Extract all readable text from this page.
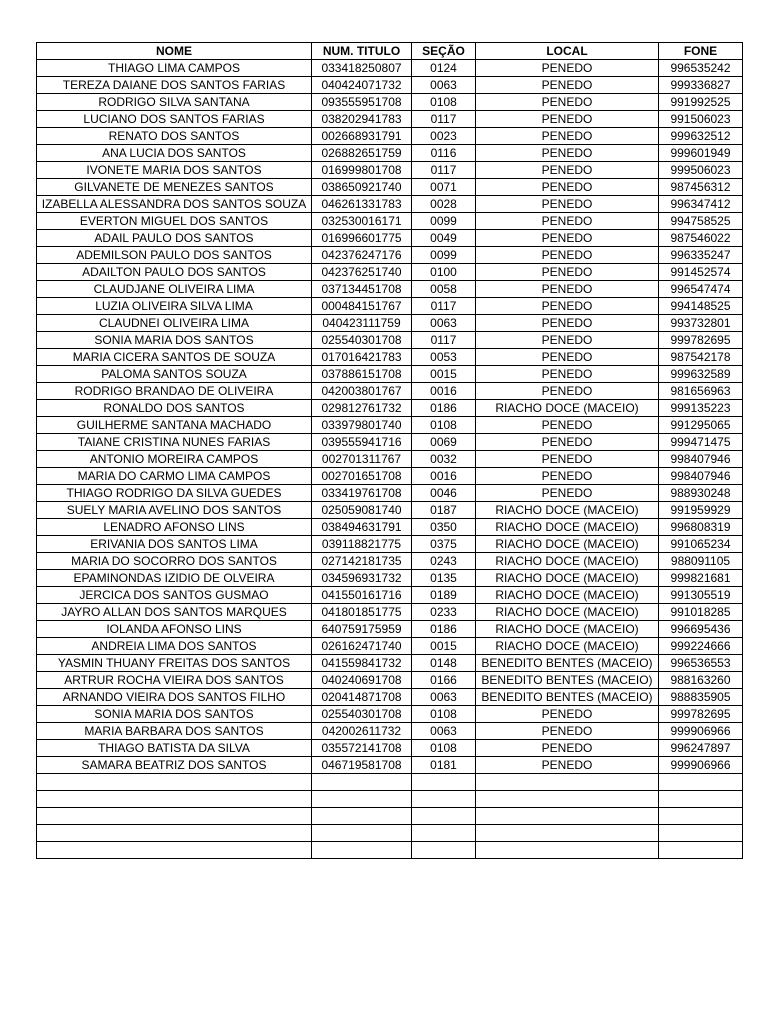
NOME	NUM. TITULO	SEÇÃO	LOCAL	FONE
THIAGO LIMA CAMPOS	033418250807	0124	PENEDO	996535242
TEREZA DAIANE DOS SANTOS FARIAS	040424071732	0063	PENEDO	999336827
RODRIGO SILVA SANTANA	093555951708	0108	PENEDO	991992525
LUCIANO DOS SANTOS FARIAS	038202941783	0117	PENEDO	991506023
RENATO DOS SANTOS	002668931791	0023	PENEDO	999632512
ANA LUCIA DOS SANTOS	026882651759	0116	PENEDO	999601949
IVONETE MARIA DOS SANTOS	016999801708	0117	PENEDO	999506023
GILVANETE DE MENEZES SANTOS	038650921740	0071	PENEDO	987456312
IZABELLA ALESSANDRA DOS SANTOS SOUZA	046261331783	0028	PENEDO	996347412
EVERTON MIGUEL DOS SANTOS	032530016171	0099	PENEDO	994758525
ADAIL PAULO DOS SANTOS	016996601775	0049	PENEDO	987546022
ADEMILSON PAULO DOS SANTOS	042376247176	0099	PENEDO	996335247
ADAILTON PAULO DOS SANTOS	042376251740	0100	PENEDO	991452574
CLAUDJANE OLIVEIRA LIMA	037134451708	0058	PENEDO	996547474
LUZIA OLIVEIRA SILVA LIMA	000484151767	0117	PENEDO	994148525
CLAUDNEI OLIVEIRA LIMA	040423111759	0063	PENEDO	993732801
SONIA MARIA DOS SANTOS	025540301708	0117	PENEDO	999782695
MARIA CICERA SANTOS DE SOUZA	017016421783	0053	PENEDO	987542178
PALOMA SANTOS SOUZA	037886151708	0015	PENEDO	999632589
RODRIGO BRANDAO DE OLIVEIRA	042003801767	0016	PENEDO	981656963
RONALDO DOS SANTOS	029812761732	0186	RIACHO DOCE (MACEIO)	999135223
GUILHERME SANTANA MACHADO	033979801740	0108	PENEDO	991295065
TAIANE CRISTINA NUNES FARIAS	039555941716	0069	PENEDO	999471475
ANTONIO MOREIRA CAMPOS	002701311767	0032	PENEDO	998407946
MARIA DO CARMO LIMA CAMPOS	002701651708	0016	PENEDO	998407946
THIAGO RODRIGO DA SILVA GUEDES	033419761708	0046	PENEDO	988930248
SUELY MARIA AVELINO DOS SANTOS	025059081740	0187	RIACHO DOCE (MACEIO)	991959929
LENADRO AFONSO LINS	038494631791	0350	RIACHO DOCE (MACEIO)	996808319
ERIVANIA DOS SANTOS LIMA	039118821775	0375	RIACHO DOCE (MACEIO)	991065234
MARIA DO SOCORRO DOS SANTOS	027142181735	0243	RIACHO DOCE (MACEIO)	988091105
EPAMINONDAS IZIDIO DE OLVEIRA	034596931732	0135	RIACHO DOCE (MACEIO)	999821681
JERCICA DOS SANTOS GUSMAO	041550161716	0189	RIACHO DOCE (MACEIO)	991305519
JAYRO ALLAN DOS SANTOS MARQUES	041801851775	0233	RIACHO DOCE (MACEIO)	991018285
IOLANDA AFONSO LINS	640759175959	0186	RIACHO DOCE (MACEIO)	996695436
ANDREIA LIMA DOS SANTOS	026162471740	0015	RIACHO DOCE (MACEIO)	999224666
YASMIN THUANY FREITAS DOS SANTOS	041559841732	0148	BENEDITO BENTES (MACEIO)	996536553
ARTRUR ROCHA VIEIRA DOS SANTOS	040240691708	0166	BENEDITO BENTES (MACEIO)	988163260
ARNANDO VIEIRA DOS SANTOS FILHO	020414871708	0063	BENEDITO BENTES (MACEIO)	988835905
SONIA MARIA DOS SANTOS	025540301708	0108	PENEDO	999782695
MARIA BARBARA DOS SANTOS	042002611732	0063	PENEDO	999906966
THIAGO BATISTA DA SILVA	035572141708	0108	PENEDO	996247897
SAMARA BEATRIZ DOS SANTOS	046719581708	0181	PENEDO	999906966
